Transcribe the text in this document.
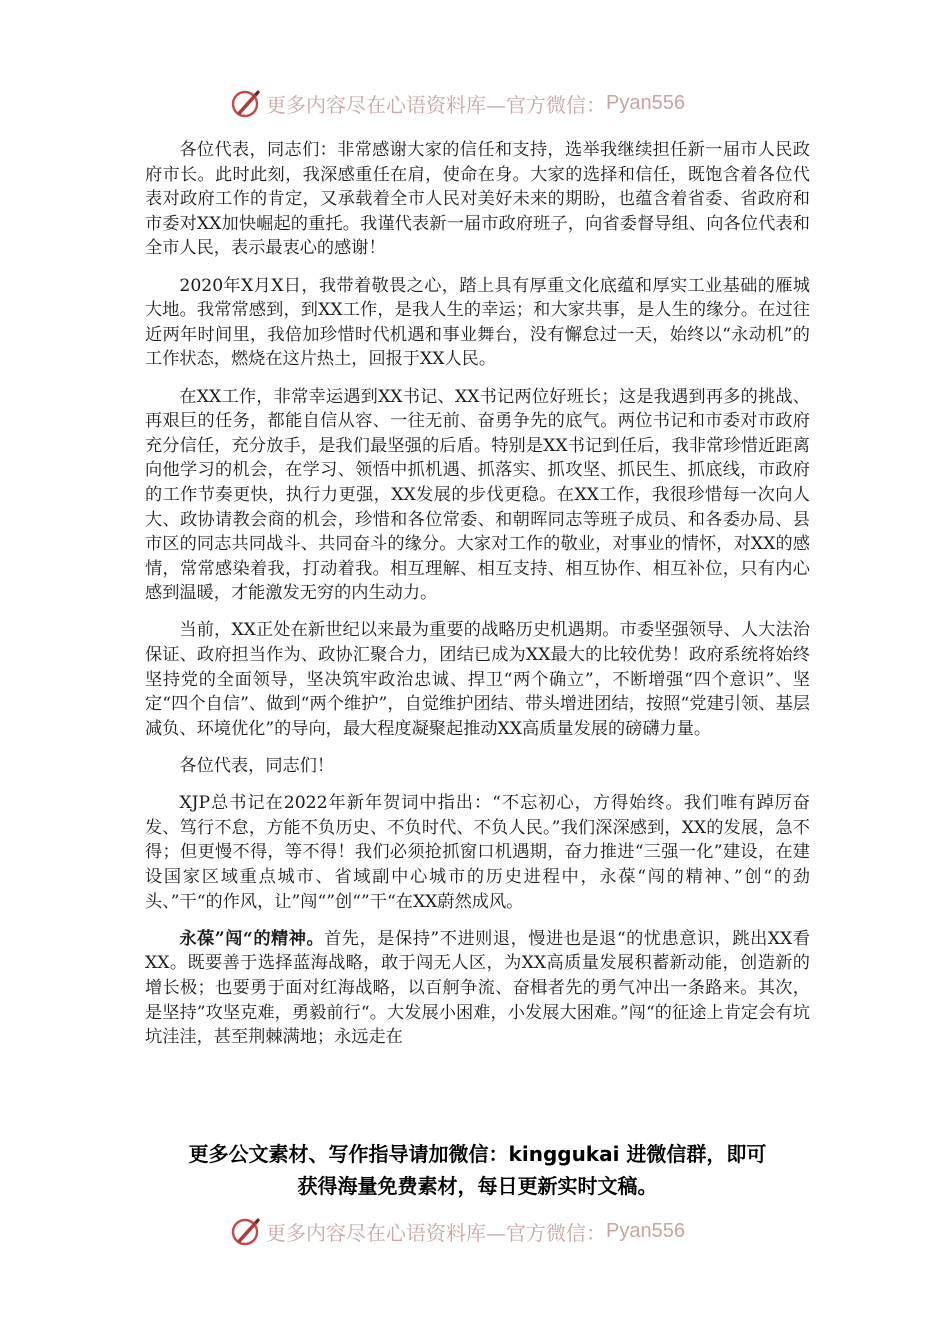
更多内容尽在心语资料库—官方微信： Pyan556

各位代表，同志们：非常感谢大家的信任和支持，选举我继续担任新一届市人民政府市长。此时此刻，我深感重任在肩，使命在身。大家的选择和信任，既饱含着各位代表对政府工作的肯定，又承载着全市人民对美好未来的期盼，也蕴含着省委、省政府和市委对XX加快崛起的重托。我谨代表新一届市政府班子，向省委督导组、向各位代表和全市人民，表示最衷心的感谢！

2020年X月X日，我带着敬畏之心，踏上具有厚重文化底蕴和厚实工业基础的雁城大地。我常常感到，到XX工作，是我人生的幸运；和大家共事，是人生的缘分。在过往近两年时间里，我倍加珍惜时代机遇和事业舞台，没有懈怠过一天，始终以“永动机”的工作状态，燃烧在这片热土，回报于XX人民。

在XX工作，非常幸运遇到XX书记、XX书记两位好班长；这是我遇到再多的挑战、再艰巨的任务，都能自信从容、一往无前、奋勇争先的底气。两位书记和市委对市政府充分信任，充分放手，是我们最坚强的后盾。特别是XX书记到任后，我非常珍惜近距离向他学习的机会，在学习、领悟中抓机遇、抓落实、抓攻坚、抓民生、抓底线，市政府的工作节奏更快，执行力更强，XX发展的步伐更稳。在XX工作，我很珍惜每一次向人大、政协请教会商的机会，珍惜和各位常委、和朝晖同志等班子成员、和各委办局、县市区的同志共同战斗、共同奋斗的缘分。大家对工作的敬业，对事业的情怀，对XX的感情，常常感染着我，打动着我。相互理解、相互支持、相互协作、相互补位，只有内心感到温暖，才能激发无穷的内生动力。

当前，XX正处在新世纪以来最为重要的战略历史机遇期。市委坚强领导、人大法治保证、政府担当作为、政协汇聚合力，团结已成为XX最大的比较优势！政府系统将始终坚持党的全面领导，坚决筑牢政治忠诚、捍卫“两个确立”，不断增强“四个意识”、坚定“四个自信”、做到“两个维护”，自觉维护团结、带头增进团结，按照“党建引领、基层减负、环境优化”的导向，最大程度凝聚起推动XX高质量发展的磅礴力量。

各位代表，同志们！

XJP总书记在2022年新年贺词中指出：“不忘初心，方得始终。我们唯有踔厉奋发、笃行不怠，方能不负历史、不负时代、不负人民。”我们深深感到，XX的发展，急不得；但更慢不得，等不得！我们必须抢抓窗口机遇期，奋力推进“三强一化”建设，在建设国家区域重点城市、省域副中心城市的历史进程中，永葆“闯的精神、”创“的劲头、”干“的作风，让”闯“”创“”干“在XX蔚然成风。

永葆”闯“的精神。首先，是保持”不进则退，慢进也是退“的忧患意识，跳出XX看XX。既要善于选择蓝海战略，敢于闯无人区，为XX高质量发展积蓄新动能，创造新的增长极；也要勇于面对红海战略，以百舸争流、奋楫者先的勇气冲出一条路来。其次，是坚持”攻坚克难，勇毅前行“。大发展小困难，小发展大困难。”闯“的征途上肯定会有坑坑洼洼，甚至荆棘满地；永远走在

更多公文素材、写作指导请加微信：kinggukai 进微信群，即可
获得海量免费素材，每日更新实时文稿。
更多内容尽在心语资料库—官方微信： Pyan556
